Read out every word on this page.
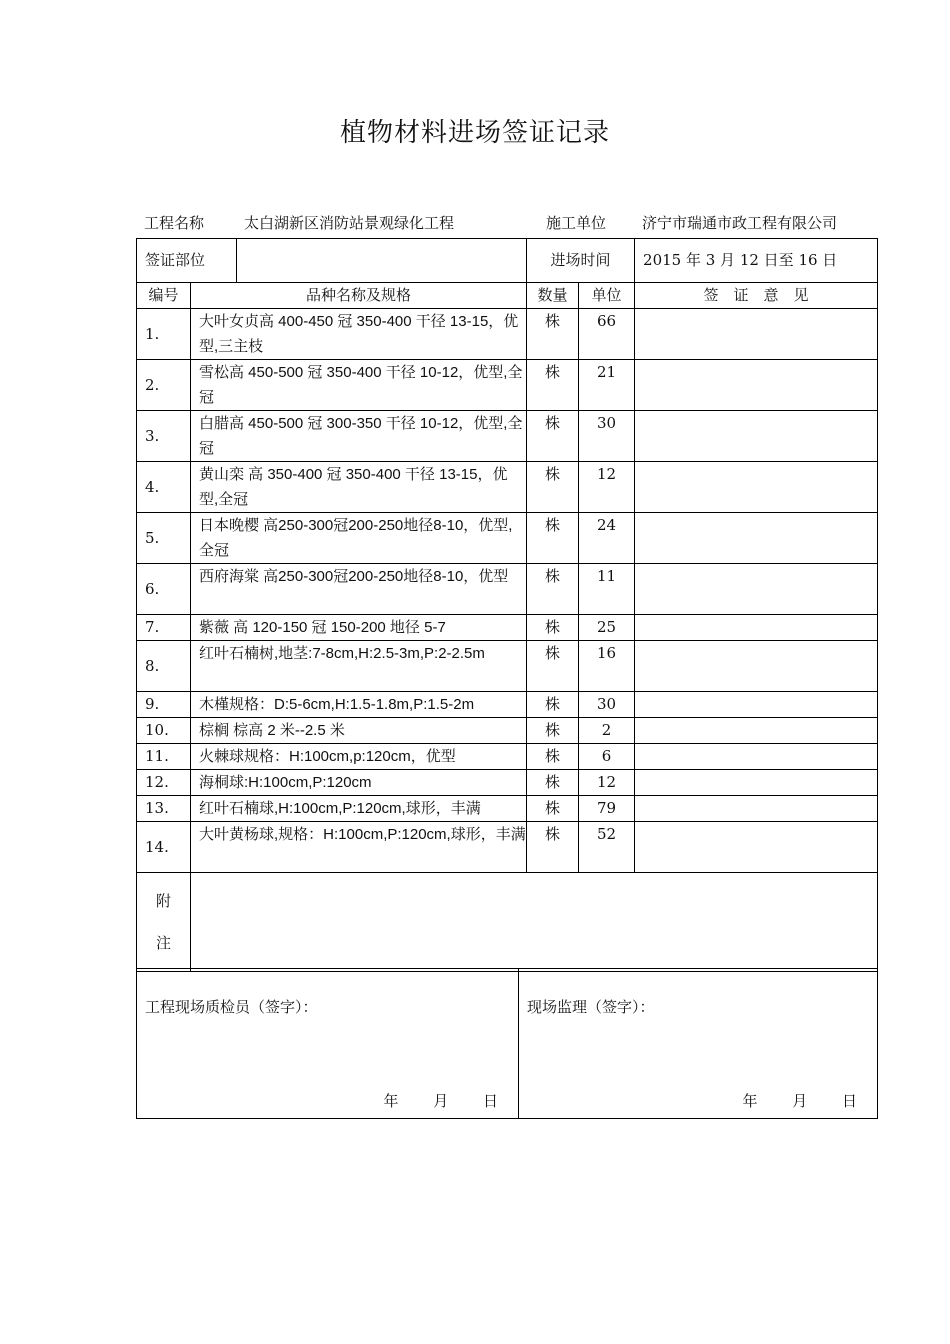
植物材料进场签证记录
工程名称	太白湖新区消防站景观绿化工程	施工单位 济宁市瑞通市政工程有限公司
签证部位			进场时间		2015 年 3 月 12 日至 16 日
编号	品种名称及规格		数量	单位	签　证　意　见
1.	大叶女贞高 400-450 冠 350-400 干径 13-15，优型,三主枝		株	66	
2.	雪松高 450-500 冠 350-400 干径 10-12，优型,全冠		株	21	
3.	白腊高 450-500 冠 300-350 干径 10-12，优型,全冠		株	30	
4.	黄山栾 高 350-400 冠 350-400 干径 13-15，优型,全冠		株	12	
5.	日本晚樱 高250-300冠200-250地径8-10，优型,全冠		株	24	
6.	西府海棠 高250-300冠200-250地径8-10，优型		株	11	
7.	紫薇 高 120-150 冠 150-200 地径 5-7		株	25	
8.	红叶石楠树,地茎:7-8cm,H:2.5-3m,P:2-2.5m		株	16	
9.	木槿规格：D:5-6cm,H:1.5-1.8m,P:1.5-2m		株	30	
10.	棕榈 棕高 2 米--2.5 米		株	2	
11.	火棘球规格：H:100cm,p:120cm，优型		株	6	
12.	海桐球:H:100cm,P:120cm		株	12	
13.	红叶石楠球,H:100cm,P:120cm,球形，丰满		株	79	
14.	大叶黄杨球,规格：H:100cm,P:120cm,球形，丰满		株	52	

附
注					

工程现场质检员（签字）：
年 月 日

现场监理（签字）：
年 月 日
